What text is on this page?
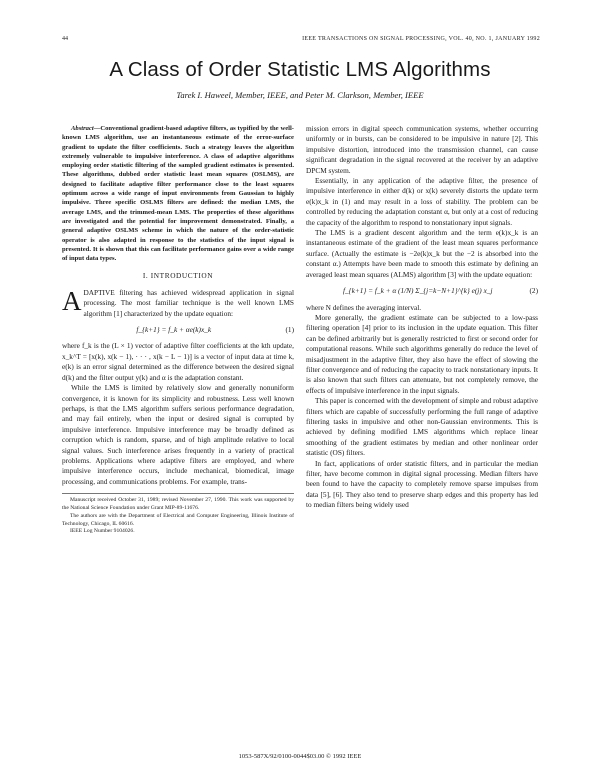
44	IEEE TRANSACTIONS ON SIGNAL PROCESSING, VOL. 40, NO. 1, JANUARY 1992
A Class of Order Statistic LMS Algorithms
Tarek I. Haweel, Member, IEEE, and Peter M. Clarkson, Member, IEEE

Abstract—Conventional gradient-based adaptive filters, as typified by the well-known LMS algorithm, use an instantaneous estimate of the error-surface gradient to update the filter coefficients. Such a strategy leaves the algorithm extremely vulnerable to impulsive interference. A class of adaptive algorithms employing order statistic filtering of the sampled gradient estimates is presented. These algorithms, dubbed order statistic least mean squares (OSLMS), are designed to facilitate adaptive filter performance close to the least squares optimum across a wide range of input environments from Gaussian to highly impulsive. Three specific OSLMS filters are defined: the median LMS, the average LMS, and the trimmed-mean LMS. The properties of these algorithms are investigated and the potential for improvement demonstrated. Finally, a general adaptive OSLMS scheme in which the nature of the order-statistic operator is also adapted in response to the statistics of the input signal is presented. It is shown that this can facilitate performance gains over a wide range of input data types.

I. INTRODUCTION

ADAPTIVE filtering has achieved widespread application in signal processing. The most familiar technique is the well known LMS algorithm [1] characterized by the update equation:

f_{k+1} = f_k + αe(k)x_k	(1)

where f_k is the (L × 1) vector of adaptive filter coefficients at the kth update, x_k^T = [x(k), x(k − 1), · · · , x(k − L − 1)] is a vector of input data at time k, e(k) is an error signal determined as the difference between the desired signal d(k) and the filter output y(k) and α is the adaptation constant.

While the LMS is limited by relatively slow and generally nonuniform convergence, it is known for its simplicity and robustness. Less well known perhaps, is that the LMS algorithm suffers serious performance degradation, and may fail entirely, when the input or desired signal is corrupted by impulsive interference. Impulsive interference may be broadly defined as corruption which is random, sparse, and of high amplitude relative to local signal values. Such interference arises frequently in a variety of practical problems. Applications where adaptive filters are employed, and where impulsive interference occurs, include mechanical, biomedical, image processing, and communications problems. For example, trans-

Manuscript received October 31, 1989; revised November 27, 1990. This work was supported by the National Science Foundation under Grant MIP-89-11676.

The authors are with the Department of Electrical and Computer Engineering, Illinois Institute of Technology, Chicago, IL 60616.

IEEE Log Number 9104026.

mission errors in digital speech communication systems, whether occurring uniformly or in bursts, can be considered to be impulsive in nature [2]. This impulsive distortion, introduced into the transmission channel, can cause significant degradation in the signal recovered at the receiver by an adaptive DPCM system.

Essentially, in any application of the adaptive filter, the presence of impulsive interference in either d(k) or x(k) severely distorts the update term e(k)x_k in (1) and may result in a loss of stability. The problem can be controlled by reducing the adaptation constant α, but only at a cost of reducing the capacity of the algorithm to respond to nonstationary input signals.

The LMS is a gradient descent algorithm and the term e(k)x_k is an instantaneous estimate of the gradient of the least mean squares performance surface. (Actually the estimate is −2e(k)x_k but the −2 is absorbed into the constant α.) Attempts have been made to smooth this estimate by defining an averaged least mean squares (ALMS) algorithm [3] with the update equation:

f_{k+1} = f_k + α (1/N) Σ_{j=k−N+1}^{k} e(j) x_j	(2)

where N defines the averaging interval.

More generally, the gradient estimate can be subjected to a low-pass filtering operation [4] prior to its inclusion in the update equation. This filter can be defined arbitrarily but is generally restricted to first or second order for computational reasons. While such algorithms generally do reduce the level of misadjustment in the adaptive filter, they also have the effect of slowing the filter convergence and of reducing the capacity to track nonstationary inputs. It is also known that such filters can attenuate, but not completely remove, the effects of impulsive interference in the input signals.

This paper is concerned with the development of simple and robust adaptive filters which are capable of successfully performing the full range of adaptive filtering tasks in impulsive and other non-Gaussian environments. This is achieved by defining modified LMS algorithms which replace linear smoothing of the gradient estimates by median and other nonlinear order statistic (OS) filters.

In fact, applications of order statistic filters, and in particular the median filter, have become common in digital signal processing. Median filters have been found to have the capacity to completely remove sparse impulses from data [5], [6]. They also tend to preserve sharp edges and this property has led to median filters being widely used

1053-587X/92/0100-0044$03.00 © 1992 IEEE
